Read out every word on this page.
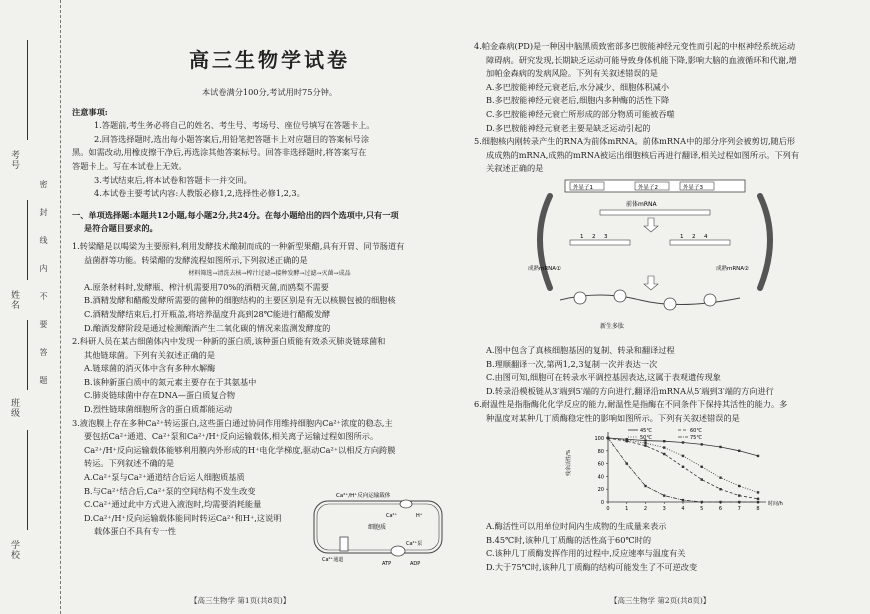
考号
姓名
班级
学校
密封线内不要答题
高三生物学试卷

本试卷满分100分,考试用时75分钟。

注意事项:

1.答题前,考生务必将自己的姓名、考生号、考场号、座位号填写在答题卡上。

2.回答选择题时,选出每小题答案后,用铅笔把答题卡上对应题目的答案标号涂

黑。如需改动,用橡皮擦干净后,再选涂其他答案标号。回答非选择题时,将答案写在

答题卡上。写在本试卷上无效。

3.考试结束后,将本试卷和答题卡一并交回。

4.本试卷主要考试内容:人教版必修1,2,选择性必修1,2,3。

一、单项选择题:本题共12小题,每小题2分,共24分。在每小题给出的四个选项中,只有一项

是符合题目要求的。

1.转梁醋是以喝梁为主要原料,利用发酵技术酿制而成的一种新型果醋,具有开胃、同节肠道有

益菌群等功能。转梁醋的发酵流程如图所示,下列叙述正确的是

材料筛选→清洗去核→榨汁过滤→接种发酵→过滤→灭菌→成品

A.原条材料时,发酵瓶、榨汁机需要用70%的酒精灭菌,而鸥梨不需要

B.酒精发酵和醋酸发酵所需要的菌种的细胞结构的主要区别是有无以核膜包被的细胞核

C.酒精发酵结束后,打开瓶盖,将培养温度升高到28℃能进行醋酸发酵

D.酿酒发酵阶段是通过检测酿酒产生二氧化碳的情况来监测发酵度的

2.科研人员在某古细菌体内中发现一种新的蛋白质,该种蛋白质能有效杀灭肺炎链球菌和

其他链球菌。下列有关叙述正确的是

A.链球菌的消灭体中含有多种水解酶

B.该种新蛋白质中的氮元素主要存在于其氨基中

C.肺炎链球菌中存在DNA—蛋白质复合物

D.烈性链球菌细胞所含的蛋白质都能运动

3.液泡膜上存在多种Ca²⁺转运蛋白,这些蛋白通过协同作用维持细胞内Ca²⁺浓度的稳态,主

要包括Ca²⁺通道、Ca²⁺泵和Ca²⁺/H⁺反向运输载体,相关离子运输过程如图所示。

Ca²⁺/H⁺反向运输载体能够利用膜内外形成的H⁺电化学梯度,驱动Ca²⁺以相反方向跨膜

转运。下列叙述不确的是

A.Ca²⁺泵与Ca²⁺通道结合后运人细胞质基质

B.与Ca²⁺结合后,Ca²⁺泵的空间结构不发生改变

C.Ca²⁺通过此中方式进入液泡时,均需要消耗能量

D.Ca²⁺/H⁺反向运输载体能同时转运Ca²⁺和H⁺,这说明

载体蛋白不具有专一性

Ca²⁺/H⁺反向运输载体
细胞质
Ca²⁺	H⁺
Ca²⁺通道
Ca²⁺泵
ATP	ADP
【高三生物学 第1页(共8页)】

4.帕金森病(PD)是一种因中脑黑质致密部多巴胺能神经元变性而引起的中枢神经系统运动

障碍病。研究发现,长期缺乏运动可能导致身体机能下降,影响大脑的血液循环和代谢,增

加帕金森病的发病风险。下列有关叙述错误的是

A.多巴胺能神经元衰老后,水分减少、细胞体积减小

B.多巴胺能神经元衰老后,细胞内多种酶的活性下降

C.多巴胺能神经元衰亡所形成的部分物质可能被吞噬

D.多巴胺能神经元衰老主要是缺乏运动引起的

5.细胞核内刚转录产生的RNA为前体mRNA。前体mRNA中的部分序列会被剪切,随后形

成成熟的mRNA,成熟的mRNA被运出细胞核后再进行翻译,相关过程如图所示。下列有

关叙述正确的是

外显子1	外显子2	外显子3
前体mRNA
1 2 3	1 2 4
成熟mRNA①	成熟mRNA②
新生多肽

A.图中包含了真核细胞基因的复制、转录和翻译过程

B.理顺翻译一次,第两1,2,3复制一次并表达一次

C.由图可知,细胞可在转录水平调控基因表达,这属于表观遗传现象

D.转录沿模板链从3′端到5′端的方向进行,翻译沿mRNA从5′端到3′端的方向进行

6.耐温性是指脂酶化化学反应的能力,耐温性是指酶在不同条件下保持其活性的能力。多

种温度对某种几丁质酶稳定性的影响如图所示。下列有关叙述错误的是

0
20
40
60
80
100
0	1	2	3	4	5	6	7	8
时间/h
残余活性/%
45℃	60℃
50℃	75℃

A.酶活性可以用单位时间内生成物的生成量来表示

B.45℃时,该种几丁质酶的活性高于60℃时的

C.该种几丁质酶发挥作用的过程中,反应速率与温度有关

D.大于75℃时,该种几丁质酶的结构可能发生了不可逆改变

【高三生物学 第2页(共8页)】
